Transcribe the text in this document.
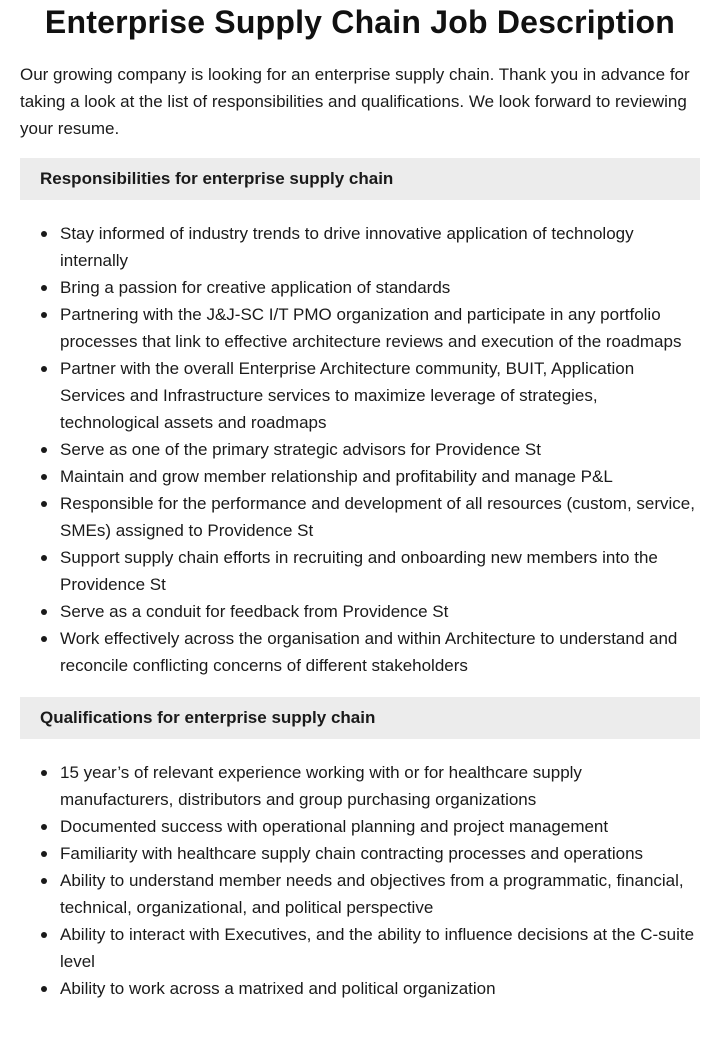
Enterprise Supply Chain Job Description

Our growing company is looking for an enterprise supply chain. Thank you in advance for taking a look at the list of responsibilities and qualifications. We look forward to reviewing your resume.

Responsibilities for enterprise supply chain
Stay informed of industry trends to drive innovative application of technology internally
Bring a passion for creative application of standards
Partnering with the J&J-SC I/T PMO organization and participate in any portfolio processes that link to effective architecture reviews and execution of the roadmaps
Partner with the overall Enterprise Architecture community, BUIT, Application Services and Infrastructure services to maximize leverage of strategies, technological assets and roadmaps
Serve as one of the primary strategic advisors for Providence St
Maintain and grow member relationship and profitability and manage P&L
Responsible for the performance and development of all resources (custom, service, SMEs) assigned to Providence St
Support supply chain efforts in recruiting and onboarding new members into the Providence St
Serve as a conduit for feedback from Providence St
Work effectively across the organisation and within Architecture to understand and reconcile conflicting concerns of different stakeholders
Qualifications for enterprise supply chain
15 year’s of relevant experience working with or for healthcare supply manufacturers, distributors and group purchasing organizations
Documented success with operational planning and project management
Familiarity with healthcare supply chain contracting processes and operations
Ability to understand member needs and objectives from a programmatic, financial, technical, organizational, and political perspective
Ability to interact with Executives, and the ability to influence decisions at the C-suite level
Ability to work across a matrixed and political organization
